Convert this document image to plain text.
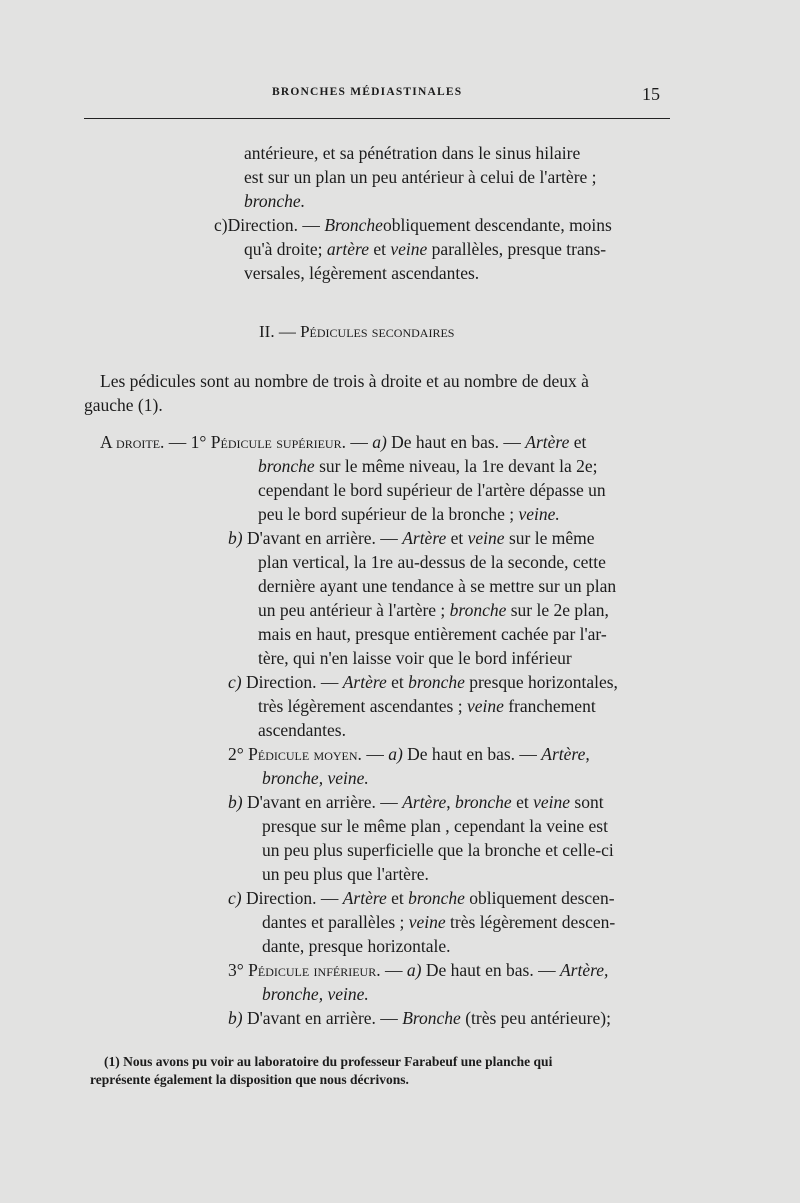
BRONCHES MÉDIASTINALES	15
antérieure, et sa pénétration dans le sinus hilaire
est sur un plan un peu antérieur à celui de l'artère ;
bronche.
c)Direction. — Broncheobliquement descendante, moins
qu'à droite; artère et veine parallèles, presque trans-
versales, légèrement ascendantes.
II. — Pédicules secondaires
Les pédicules sont au nombre de trois à droite et au nombre de deux à
gauche (1).
A droite. — 1° Pédicule supérieur. — a) De haut en bas. — Artère et
bronche sur le même niveau, la 1re devant la 2e;
cependant le bord supérieur de l'artère dépasse un
peu le bord supérieur de la bronche ; veine.
b) D'avant en arrière. — Artère et veine sur le même
plan vertical, la 1re au-dessus de la seconde, cette
dernière ayant une tendance à se mettre sur un plan
un peu antérieur à l'artère ; bronche sur le 2e plan,
mais en haut, presque entièrement cachée par l'ar-
tère, qui n'en laisse voir que le bord inférieur
c) Direction. — Artère et bronche presque horizontales,
très légèrement ascendantes ; veine franchement
ascendantes.
2° Pédicule moyen. — a) De haut en bas. — Artère,
bronche, veine.
b) D'avant en arrière. — Artère, bronche et veine sont
presque sur le même plan , cependant la veine est
un peu plus superficielle que la bronche et celle-ci
un peu plus que l'artère.
c) Direction. — Artère et bronche obliquement descen-
dantes et parallèles ; veine très légèrement descen-
dante, presque horizontale.
3° Pédicule inférieur. — a) De haut en bas. — Artère,
bronche, veine.
b) D'avant en arrière. — Bronche (très peu antérieure);
(1) Nous avons pu voir au laboratoire du professeur Farabeuf une planche qui
représente également la disposition que nous décrivons.
